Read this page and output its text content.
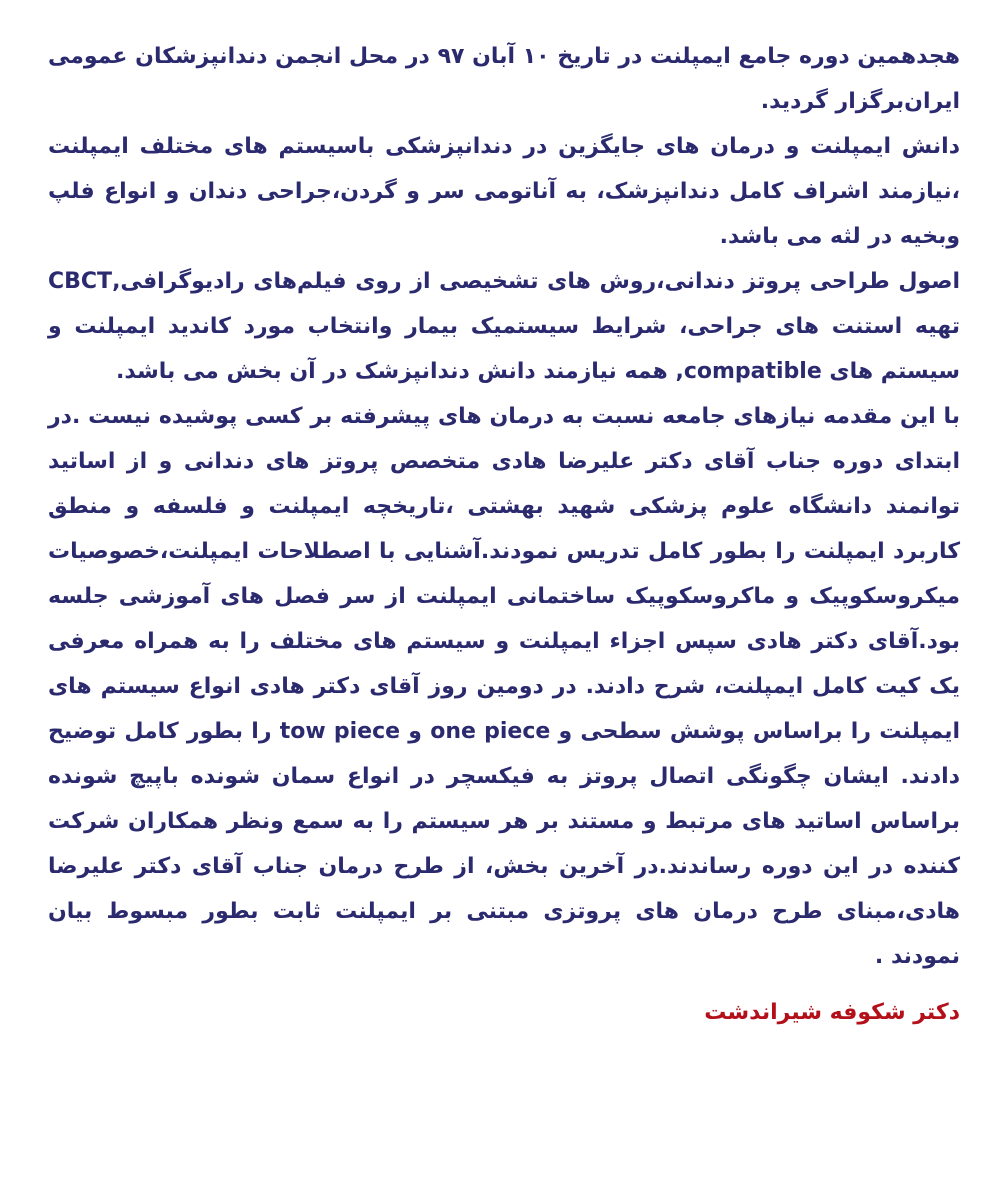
هجدهمین دوره جامع ایمپلنت در تاریخ ۱۰ آبان ۹۷ در محل انجمن دندانپزشکان عمومی ایران‌برگزار گردید.

دانش ایمپلنت و درمان های جایگزین در دندانپزشکی باسیستم های مختلف ایمپلنت ،نیازمند اشراف کامل دندانپزشک، به آناتومی سر و گردن،جراحی دندان و انواع فلپ وبخیه در لثه می باشد.

اصول طراحی پروتز دندانی،روش های تشخیصی از روی فیلم‌های رادیوگرافی,CBCT تهیه استنت های جراحی، شرایط سیستمیک بیمار وانتخاب مورد کاندید ایمپلنت و سیستم های compatible, همه نیازمند دانش دندانپزشک در آن بخش می باشد.

با این مقدمه نیازهای جامعه نسبت به درمان های پیشرفته بر کسی پوشیده نیست .در ابتدای دوره جناب آقای دکتر علیرضا هادی متخصص پروتز های دندانی و از اساتید توانمند دانشگاه علوم پزشکی شهید بهشتی ،تاریخچه ایمپلنت و فلسفه و منطق کاربرد ایمپلنت را بطور کامل تدریس نمودند.آشنایی با اصطلاحات ایمپلنت،خصوصیات میکروسکوپیک و ماکروسکوپیک ساختمانی ایمپلنت از سر فصل های آموزشی جلسه بود.آقای دکتر هادی سپس اجزاء ایمپلنت و سیستم های مختلف را به همراه معرفی یک کیت کامل ایمپلنت، شرح دادند. در دومین روز آقای دکتر هادی انواع سیستم های ایمپلنت را براساس پوشش سطحی و one piece و tow piece را بطور کامل توضیح دادند. ایشان چگونگی اتصال پروتز به فیکسچر در انواع سمان شونده باپیچ شونده براساس اساتید های مرتبط و مستند بر هر سیستم را به سمع ونظر همکاران شرکت کننده در این دوره رساندند.در آخرین بخش، از طرح درمان جناب آقای دکتر علیرضا هادی،مبنای طرح درمان های پروتزی مبتنی بر ایمپلنت ثابت بطور مبسوط بیان نمودند .

دکتر شکوفه شیراندشت
